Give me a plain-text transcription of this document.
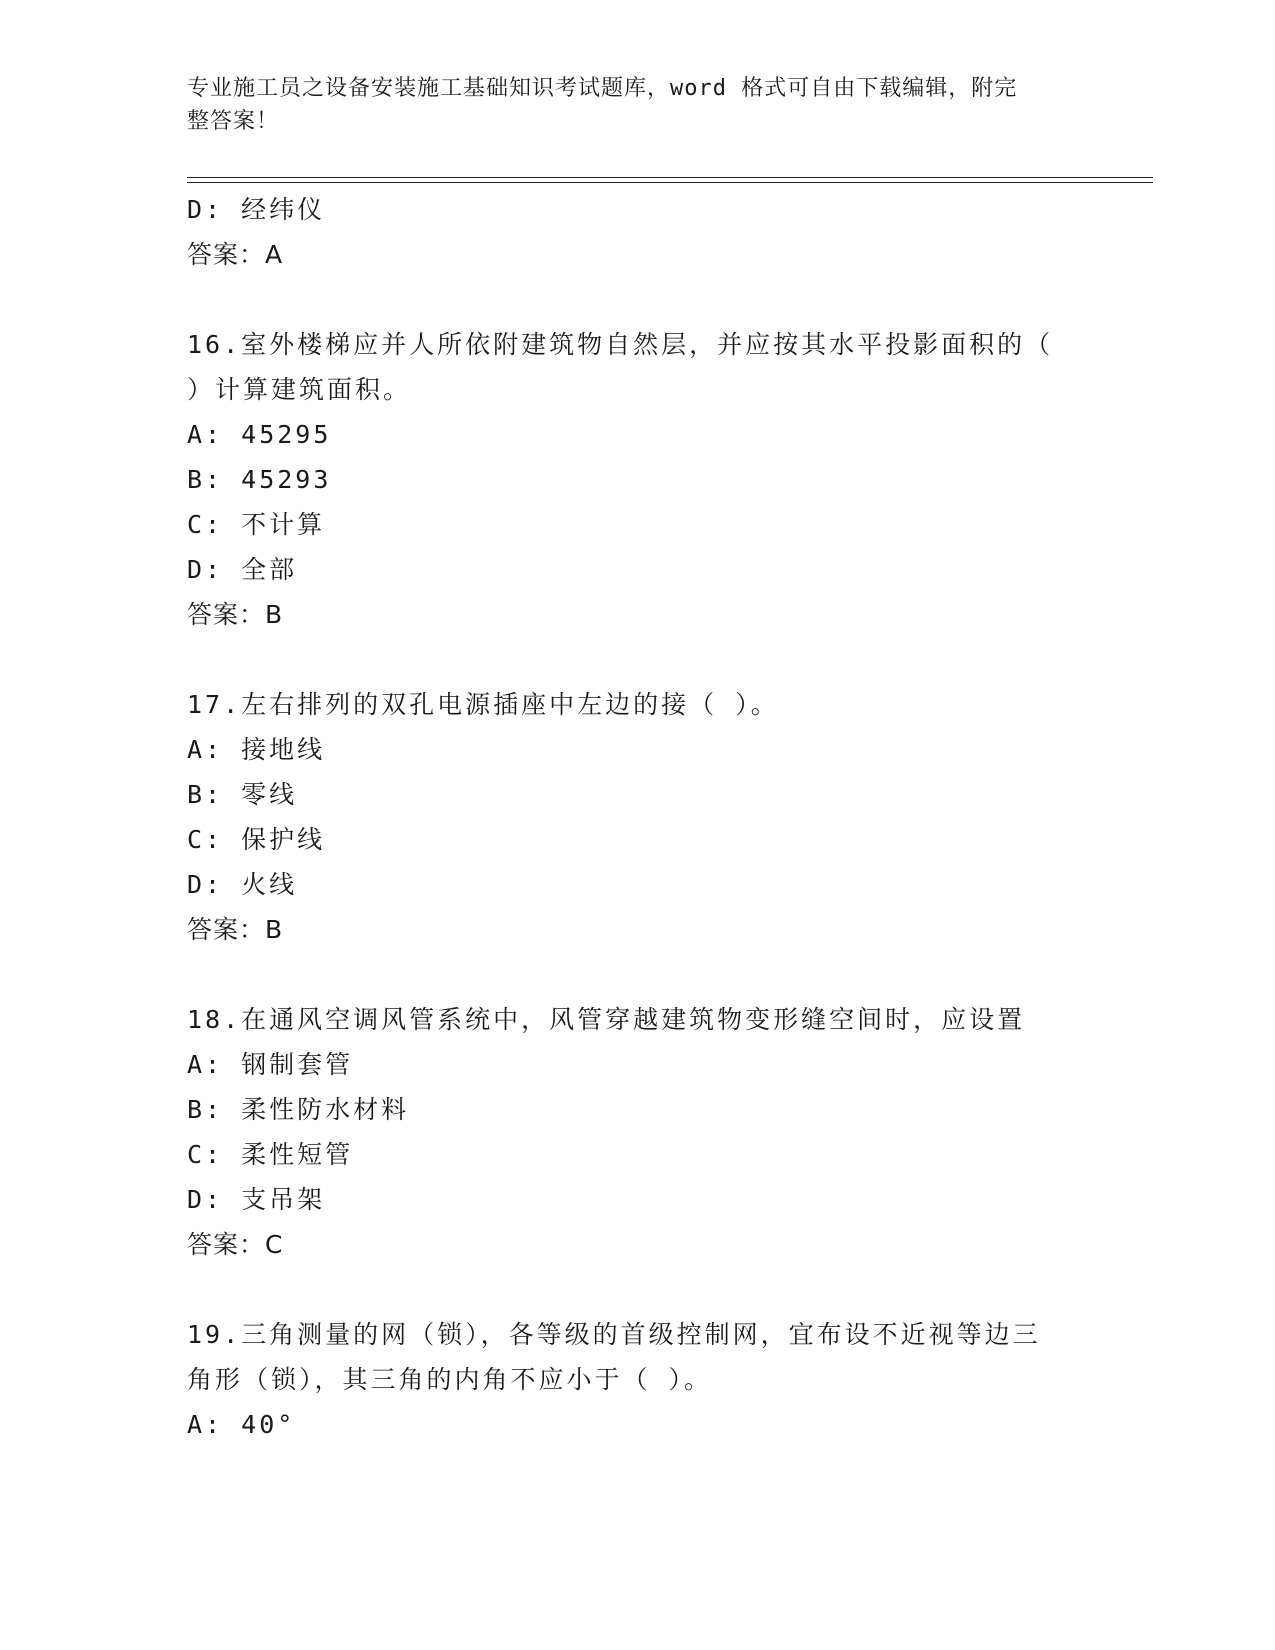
专业施工员之设备安装施工基础知识考试题库，word 格式可自由下载编辑，附完
整答案！
D: 经纬仪
答案：A
16.室外楼梯应并人所依附建筑物自然层，并应按其水平投影面积的（
）计算建筑面积。
A: 45295
B: 45293
C: 不计算
D: 全部
答案：B
17.左右排列的双孔电源插座中左边的接（ ）。
A: 接地线
B: 零线
C: 保护线
D: 火线
答案：B
18.在通风空调风管系统中，风管穿越建筑物变形缝空间时，应设置
A: 钢制套管
B: 柔性防水材料
C: 柔性短管
D: 支吊架
答案：C
19.三角测量的网（锁），各等级的首级控制网，宜布设不近视等边三
角形（锁），其三角的内角不应小于（ ）。
A: 40°
